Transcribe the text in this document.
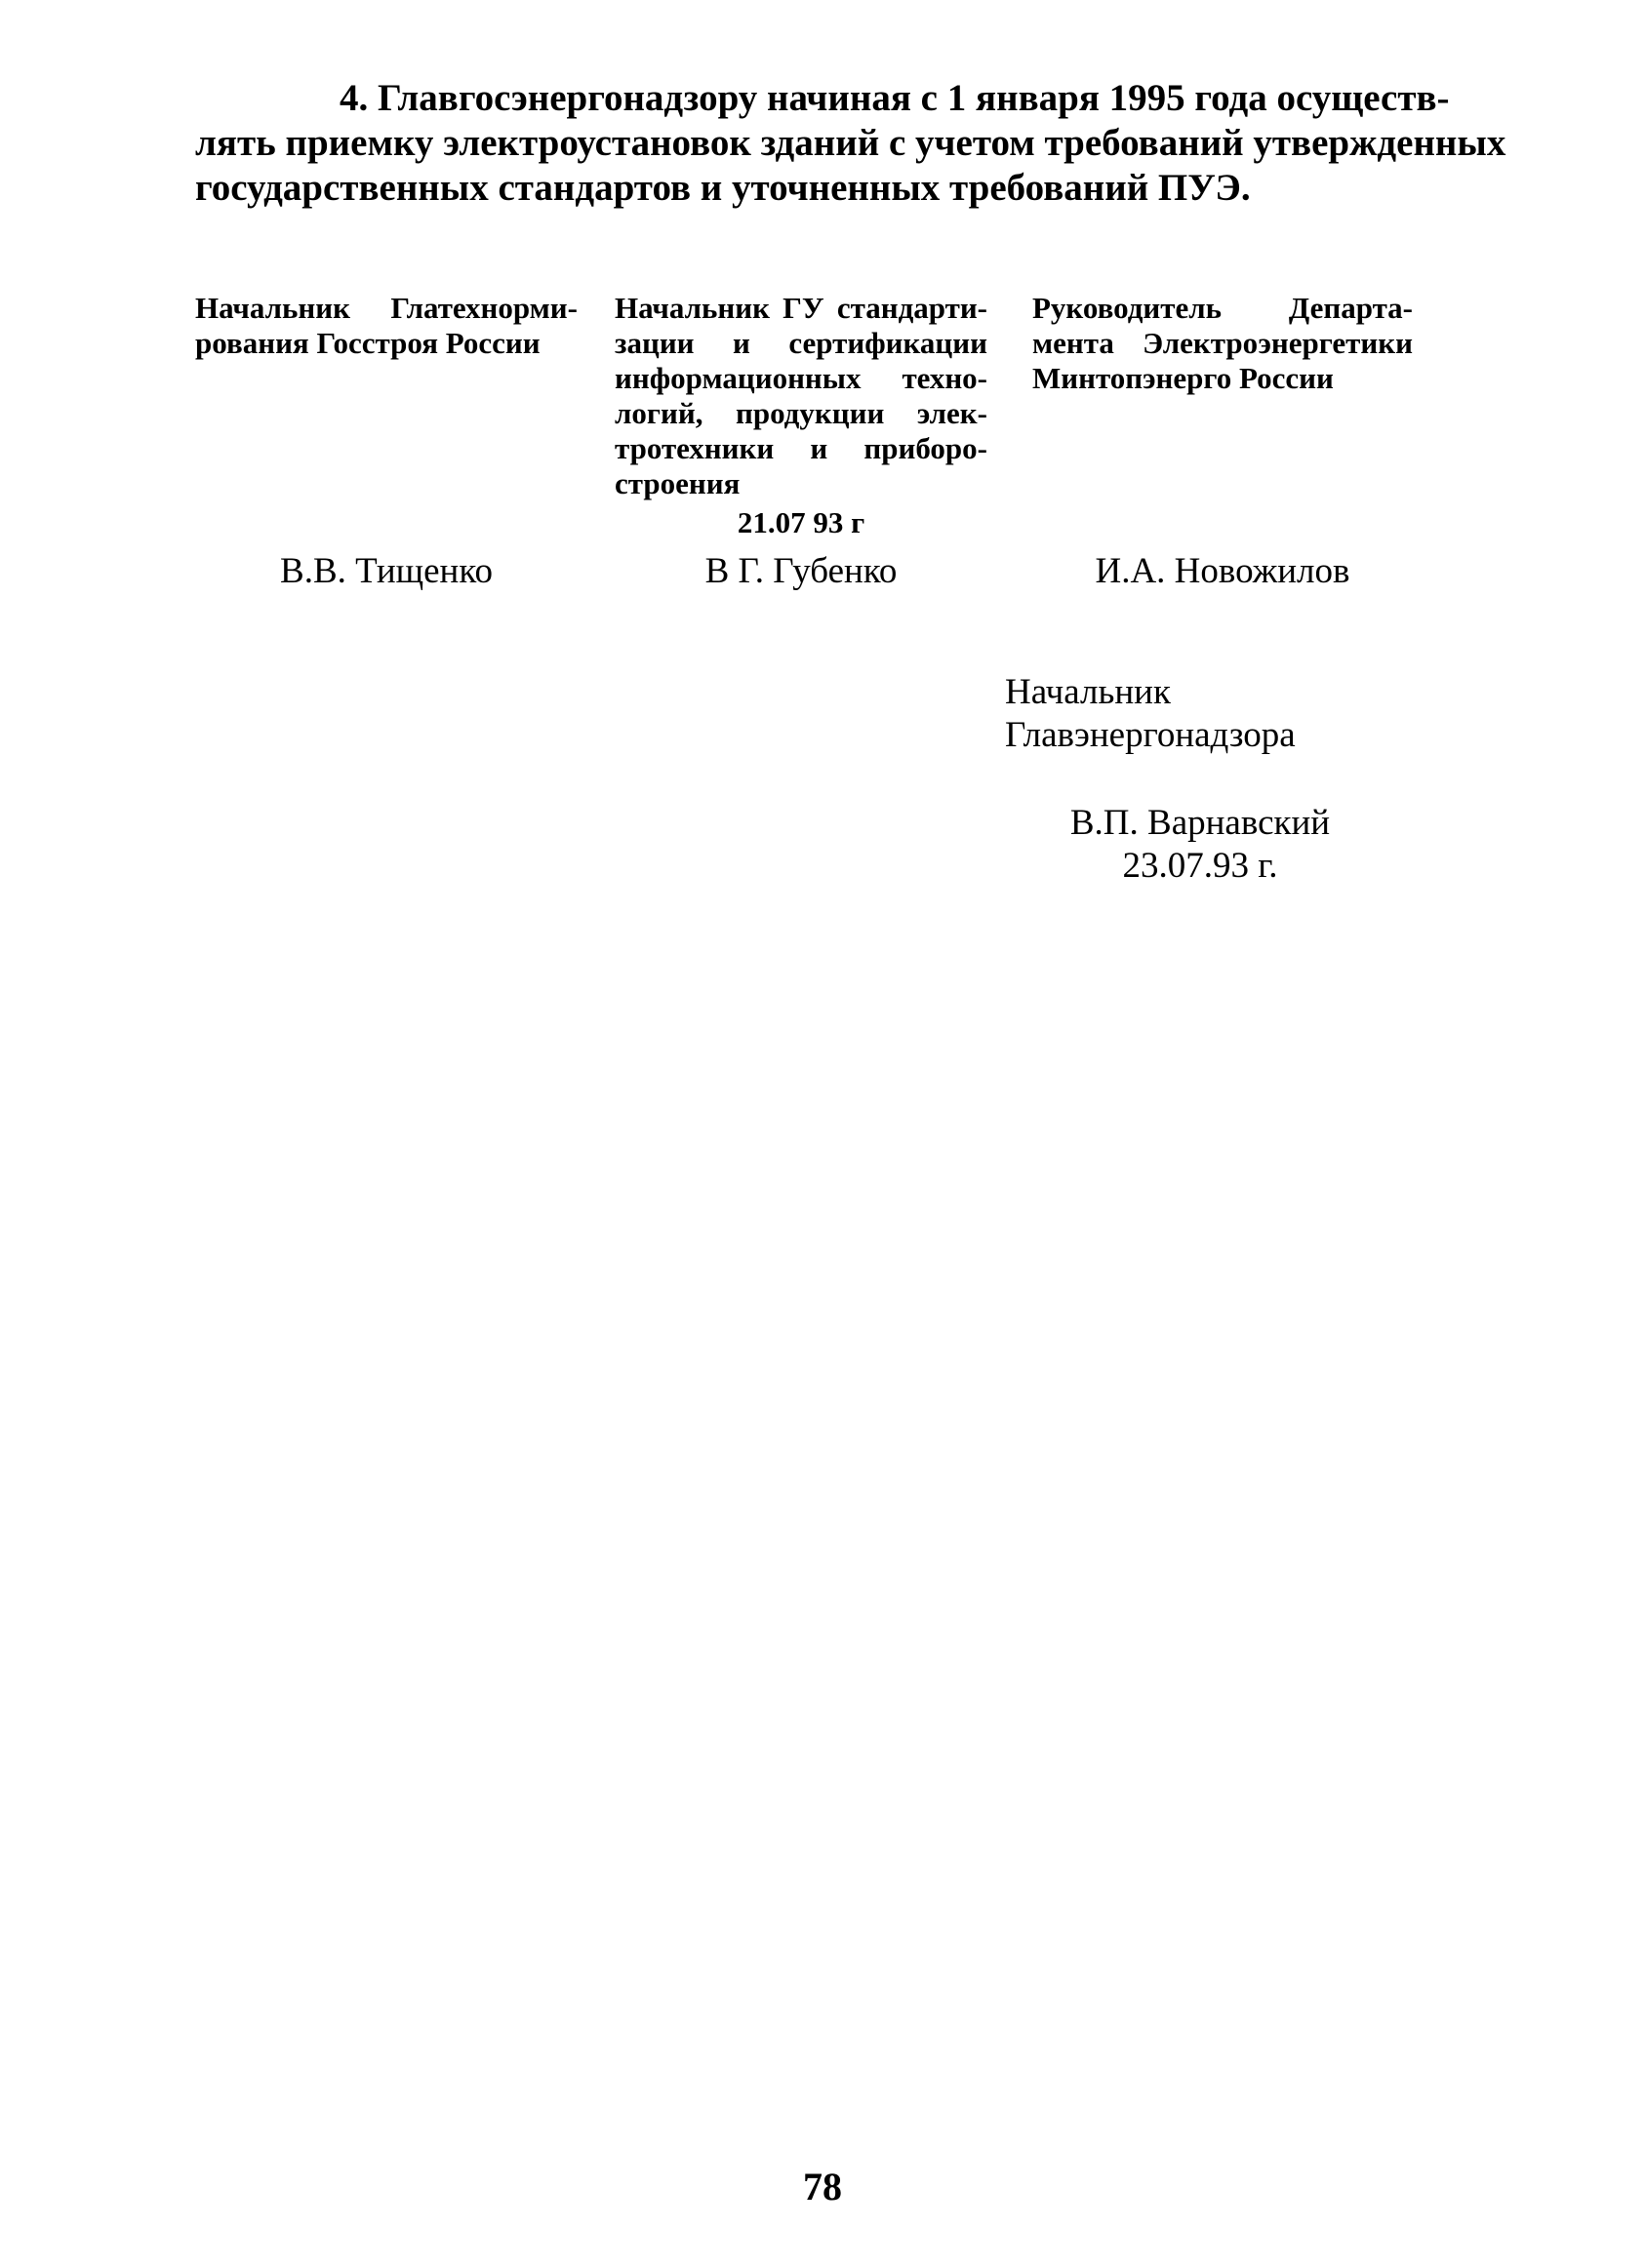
4. Главгосэнергонадзору начиная с 1 января 1995 года осуществ-
лять приемку электроустановок зданий с учетом требований утвержденных
государственных стандартов и уточненных требований ПУЭ.
Начальник Глатехнорми-
рования Госстроя России
Начальник ГУ стандарти-
зации и сертификации
информационных техно-
логий, продукции элек-
тротехники и приборо-
строения
21.07 93 г
Руководитель Департа-
мента Электроэнергетики
Минтопэнерго России
В.В. Тищенко	В Г. Губенко	И.А. Новожилов
Начальник
Главэнергонадзора
В.П. Варнавский
23.07.93 г.
78
